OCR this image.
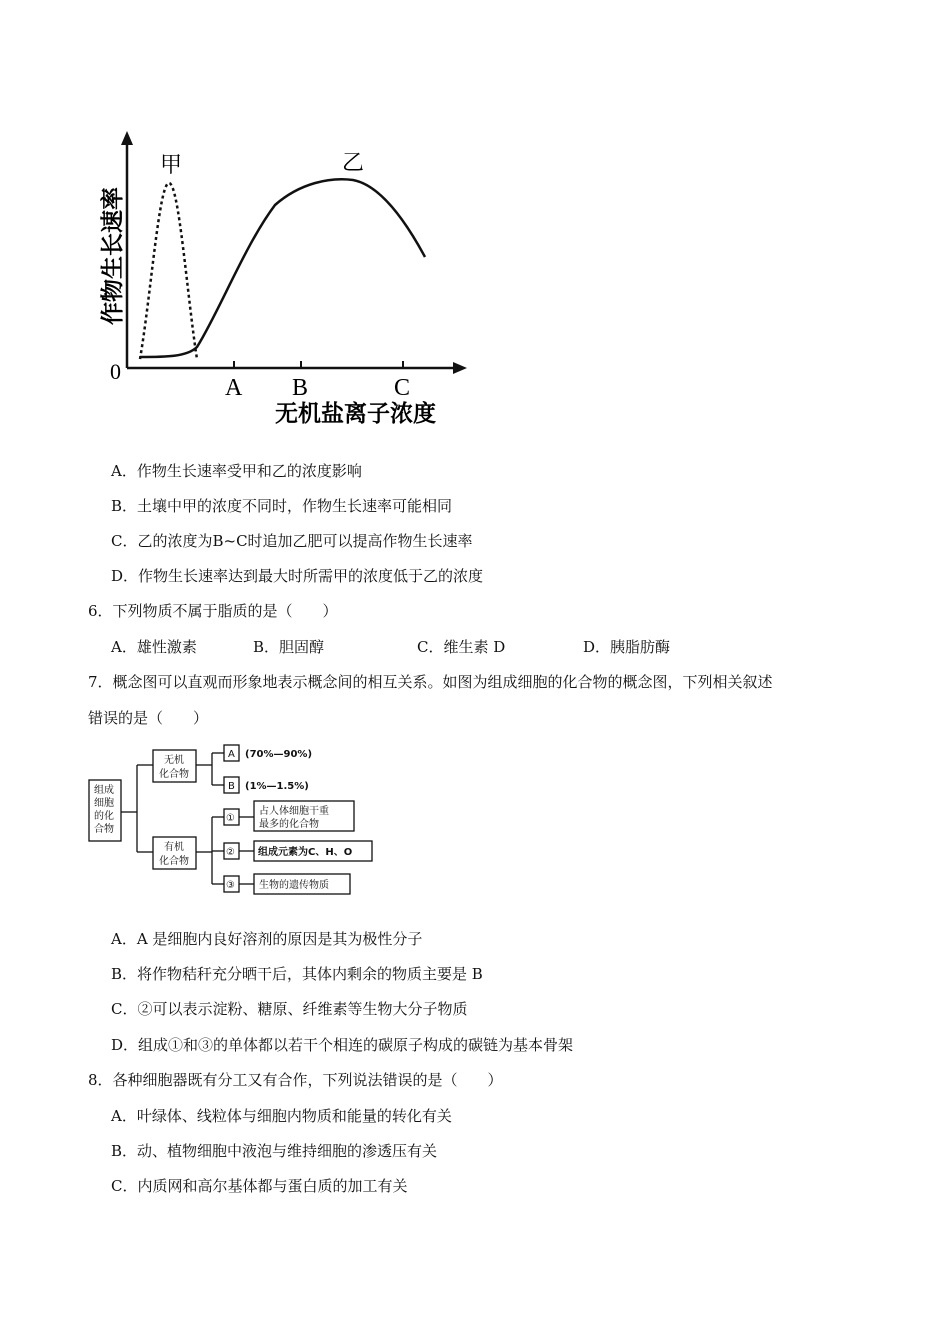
甲	乙
0
A B	C
无机盐离子浓度
作物生长速率
A．作物生长速率受甲和乙的浓度影响
B．土壤中甲的浓度不同时，作物生长速率可能相同
C．乙的浓度为B~C时追加乙肥可以提高作物生长速率
D．作物生长速率达到最大时所需甲的浓度低于乙的浓度
6．下列物质不属于脂质的是（　　）
A．雄性激素	B．胆固醇	C．维生素 D	D．胰脂肪酶
7．概念图可以直观而形象地表示概念间的相互关系。如图为组成细胞的化合物的概念图，下列相关叙述
错误的是（　　）
组成
细胞
的化
合物
无机
化合物
有机
化合物
A (70%—90%)
B (1%—1.5%)
①
占人体细胞干重
最多的化合物
② 组成元素为C、H、O
③ 生物的遗传物质
A．A 是细胞内良好溶剂的原因是其为极性分子
B．将作物秸秆充分晒干后，其体内剩余的物质主要是 B
C．②可以表示淀粉、糖原、纤维素等生物大分子物质
D．组成①和③的单体都以若干个相连的碳原子构成的碳链为基本骨架
8．各种细胞器既有分工又有合作，下列说法错误的是（　　）
A．叶绿体、线粒体与细胞内物质和能量的转化有关
B．动、植物细胞中液泡与维持细胞的渗透压有关
C．内质网和高尔基体都与蛋白质的加工有关
